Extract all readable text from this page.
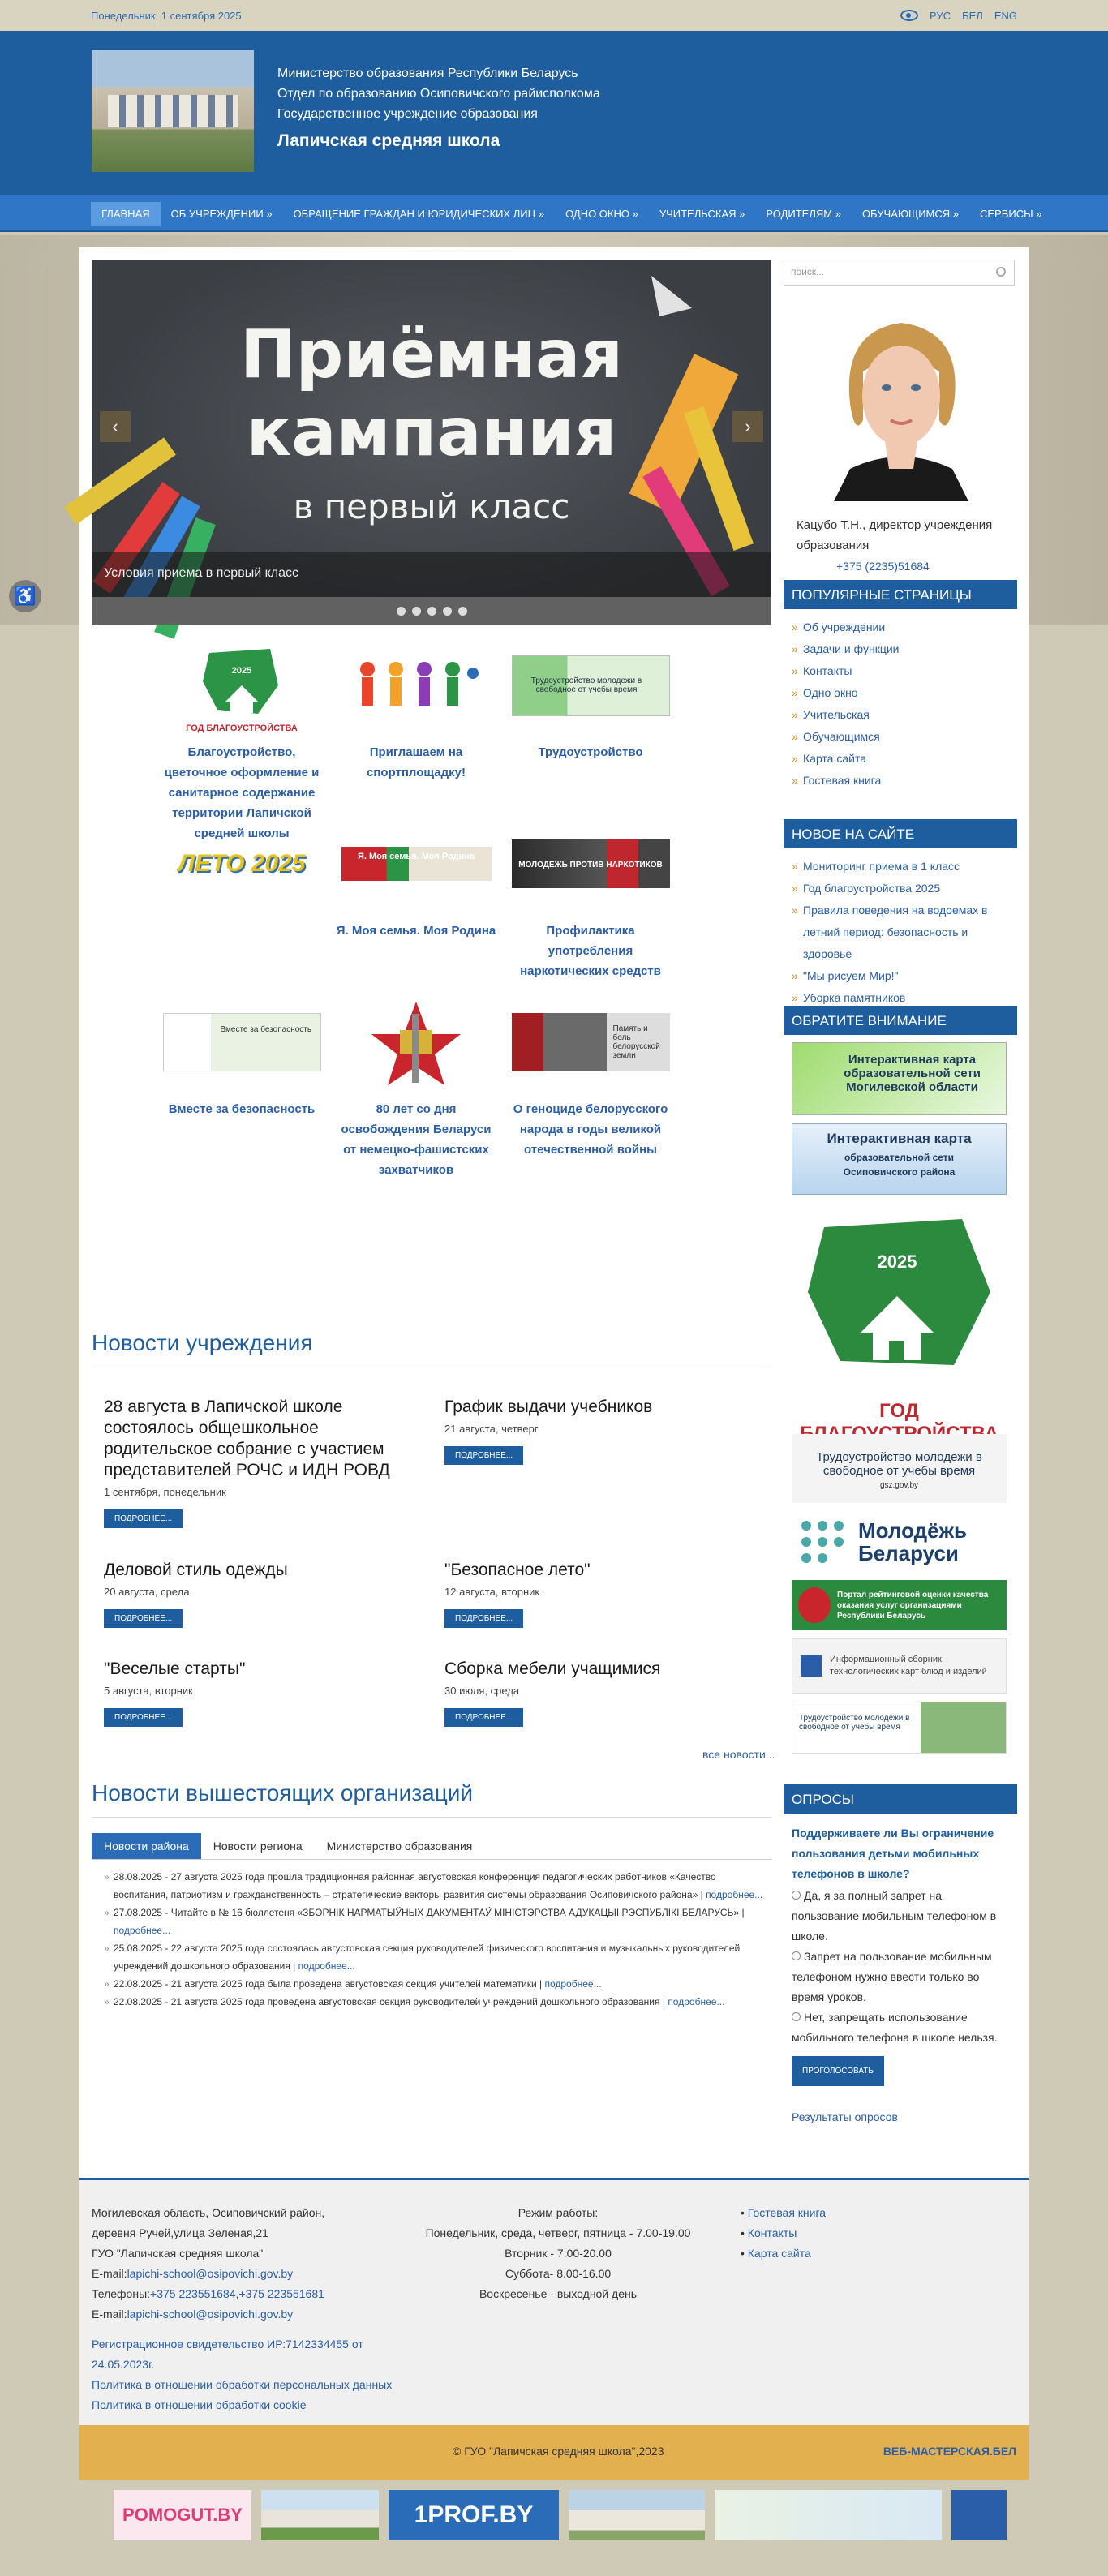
Понедельник, 1 сентября 2025	РУС БЕЛ ENG
Министерство образования Республики Беларусь
Отдел по образованию Осиповичского райисполкома
Государственное учреждение образования
Лапичская средняя школа
ГЛАВНАЯ	ОБ УЧРЕЖДЕНИИ »	ОБРАЩЕНИЕ ГРАЖДАН И ЮРИДИЧЕСКИХ ЛИЦ »	ОДНО ОКНО »	УЧИТЕЛЬСКАЯ »	РОДИТЕЛЯМ »	ОБУЧАЮЩИМСЯ »	СЕРВИСЫ »
♿
Приёмная
кампания
в первый класс
‹	›
Условия приема в первый класс
2025
ГОД БЛАГОУСТРОЙСТВА
Благоустройство, цветочное оформление и санитарное содержание территории Лапичской средней школы
Приглашаем на спортплощадку!
Трудоустройство молодежи в свободное от учебы время
Трудоустройство
ЛЕТО 2025	Я. Моя семья. Моя Родина
Я. Моя семья. Моя Родина
МОЛОДЕЖЬ ПРОТИВ НАРКОТИКОВ
Профилактика употребления наркотических средств
Вместе за безопасность
Вместе за безопасность	80 лет со дня освобождения Беларуси от немецко-фашистских захватчиков
Память и боль белорусской земли
О геноциде белорусского народа в годы великой отечественной войны
Новости учреждения
28 августа в Лапичской школе состоялось общешкольное родительское собрание с участием представителей РОЧС и ИДН РОВД
1 сентября, понедельник
ПОДРОБНЕЕ...
График выдачи учебников
21 августа, четверг
ПОДРОБНЕЕ...
Деловой стиль одежды
20 августа, среда
ПОДРОБНЕЕ...
"Безопасное лето"
12 августа, вторник
ПОДРОБНЕЕ...
"Веселые старты"
5 августа, вторник
ПОДРОБНЕЕ...
Сборка мебели учащимися
30 июля, среда
ПОДРОБНЕЕ...
все новости...
Новости вышестоящих организаций
Новости района	Новости региона	Министерство образования
» 28.08.2025 - 27 августа 2025 года прошла традиционная районная августовская конференция педагогических работников «Качество воспитания, патриотизм и гражданственность – стратегические векторы развития системы образования Осиповичского района» | подробнее...
» 27.08.2025 - Читайте в № 16 бюллетеня «ЗБОРНІК НАРМАТЫЎНЫХ ДАКУМЕНТАЎ МІНІСТЭРСТВА АДУКАЦЫІ РЭСПУБЛІКІ БЕЛАРУСЬ» | подробнее...
» 25.08.2025 - 22 августа 2025 года состоялась августовская секция руководителей физического воспитания и музыкальных руководителей учреждений дошкольного образования | подробнее...
» 22.08.2025 - 21 августа 2025 года была проведена августовская секция учителей математики | подробнее...
» 22.08.2025 - 21 августа 2025 года проведена августовская секция руководителей учреждений дошкольного образования | подробнее...
поиск...
Кацубо Т.Н., директор учреждения образования
+375 (2235)51684
ПОПУЛЯРНЫЕ СТРАНИЦЫ
» Об учреждении
» Задачи и функции
» Контакты
» Одно окно
» Учительская
» Обучающимся
» Карта сайта
» Гостевая книга
НОВОЕ НА САЙТЕ
» Мониторинг приема в 1 класс
» Год благоустройства 2025
» Правила поведения на водоемах в летний период: безопасность и здоровье
» "Мы рисуем Мир!"
» Уборка памятников
ОБРАТИТЕ ВНИМАНИЕ
Интерактивная карта образовательной сети Могилевской области
Интерактивная карта
образовательной сети
Осиповичского района
2025
ГОД
Трудоустройство молодежи в свободное от учебы время
gsz.gov.by
Молодёжь Беларуси
Портал рейтинговой оценки качества оказания услуг организациями Республики Беларусь
Информационный сборник технологических карт блюд и изделий
Трудоустройство молодежи в свободное от учебы время
ОПРОСЫ
Поддерживаете ли Вы ограничение пользования детьми мобильных телефонов в школе?
Да, я за полный запрет на пользование мобильным телефоном в школе.
Запрет на пользование мобильным телефоном нужно ввести только во время уроков.
Нет, запрещать использование мобильного телефона в школе нельзя.
ПРОГОЛОСОВАТЬ
Результаты опросов
Могилевская область, Осиповичский район,
деревня Ручей,улица Зеленая,21
ГУО "Лапичская средняя школа"
E-mail:lapichi-school@osipovichi.gov.by
Телефоны:+375 223551684,+375 223551681
E-mail:lapichi-school@osipovichi.gov.by
Регистрационное свидетельство ИР:7142334455 от 24.05.2023г.
Политика в отношении обработки персональных данных
Политика в отношении обработки cookie
Режим работы:
Понедельник, среда, четверг, пятница - 7.00-19.00
Вторник - 7.00-20.00
Суббота- 8.00-16.00
Воскресенье - выходной день
• Гостевая книга
• Контакты
• Карта сайта
© ГУО "Лапичская средняя школа",2023	ВЕБ-МАСТЕРСКАЯ.БЕЛ
POMOGUT.BY	1PROF.BY
